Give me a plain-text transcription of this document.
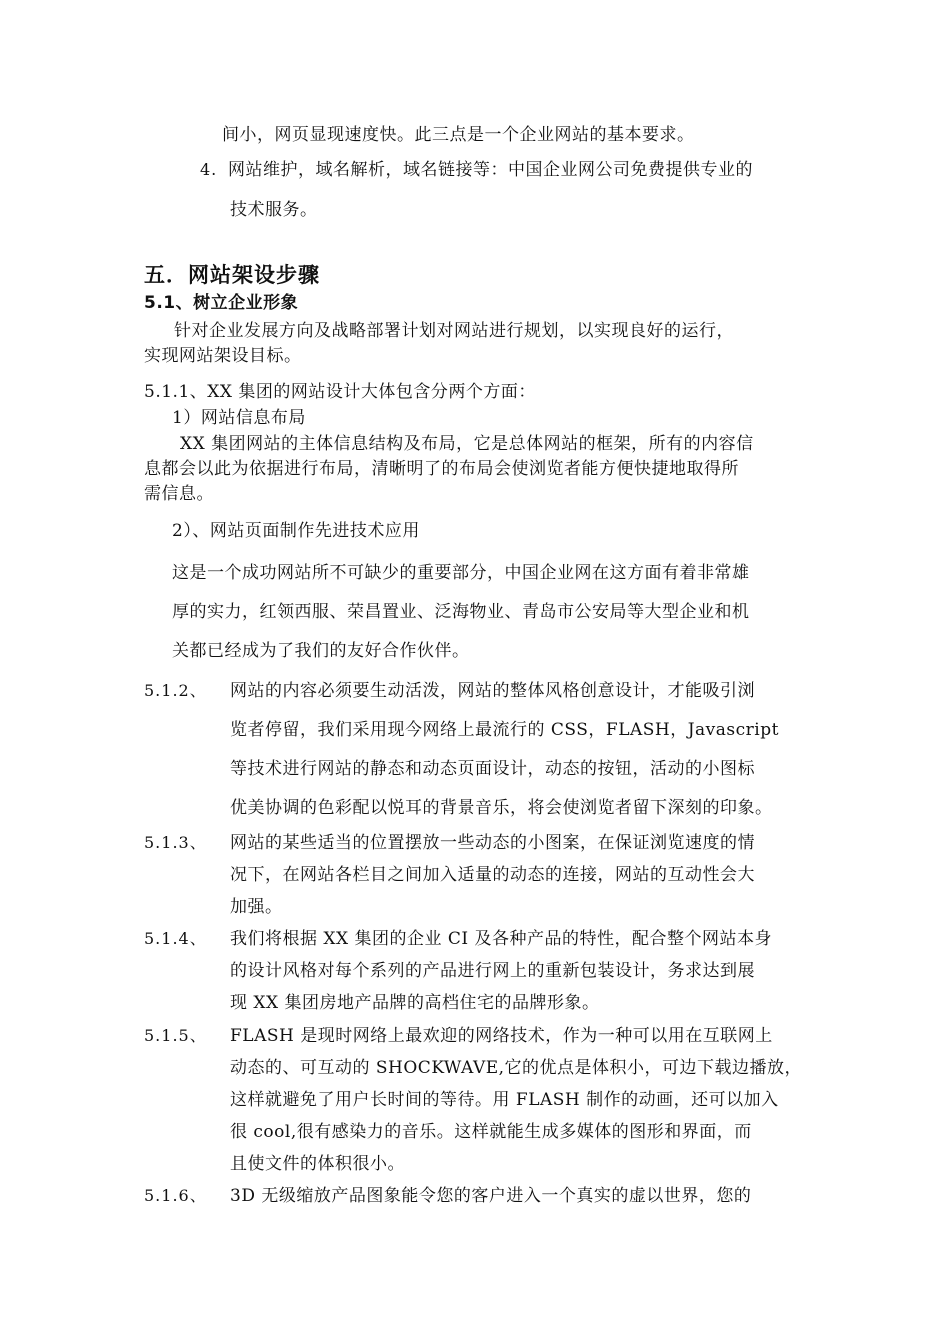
间小，网页显现速度快。此三点是一个企业网站的基本要求。
4. 网站维护，域名解析，域名链接等：中国企业网公司免费提供专业的
技术服务。
五．网站架设步骤
5.1、树立企业形象
针对企业发展方向及战略部署计划对网站进行规划，以实现良好的运行，
实现网站架设目标。
5.1.1、XX 集团的网站设计大体包含分两个方面：
1）网站信息布局
XX 集团网站的主体信息结构及布局，它是总体网站的框架，所有的内容信
息都会以此为依据进行布局，清晰明了的布局会使浏览者能方便快捷地取得所
需信息。
2）、网站页面制作先进技术应用
这是一个成功网站所不可缺少的重要部分，中国企业网在这方面有着非常雄
厚的实力，红领西服、荣昌置业、泛海物业、青岛市公安局等大型企业和机
关都已经成为了我们的友好合作伙伴。
5.1.2、 网站的内容必须要生动活泼，网站的整体风格创意设计，才能吸引浏
览者停留，我们采用现今网络上最流行的 CSS，FLASH，Javascript
等技术进行网站的静态和动态页面设计，动态的按钮，活动的小图标
优美协调的色彩配以悦耳的背景音乐，将会使浏览者留下深刻的印象。
5.1.3、 网站的某些适当的位置摆放一些动态的小图案，在保证浏览速度的情
况下，在网站各栏目之间加入适量的动态的连接，网站的互动性会大
加强。
5.1.4、 我们将根据 XX 集团的企业 CI 及各种产品的特性，配合整个网站本身
的设计风格对每个系列的产品进行网上的重新包装设计，务求达到展
现 XX 集团房地产品牌的高档住宅的品牌形象。
5.1.5、 FLASH 是现时网络上最欢迎的网络技术，作为一种可以用在互联网上
动态的、可互动的 SHOCKWAVE,它的优点是体积小，可边下载边播放，
这样就避免了用户长时间的等待。用 FLASH 制作的动画，还可以加入
很 cool,很有感染力的音乐。这样就能生成多媒体的图形和界面，而
且使文件的体积很小。
5.1.6、 3D 无级缩放产品图象能令您的客户进入一个真实的虚以世界，您的
